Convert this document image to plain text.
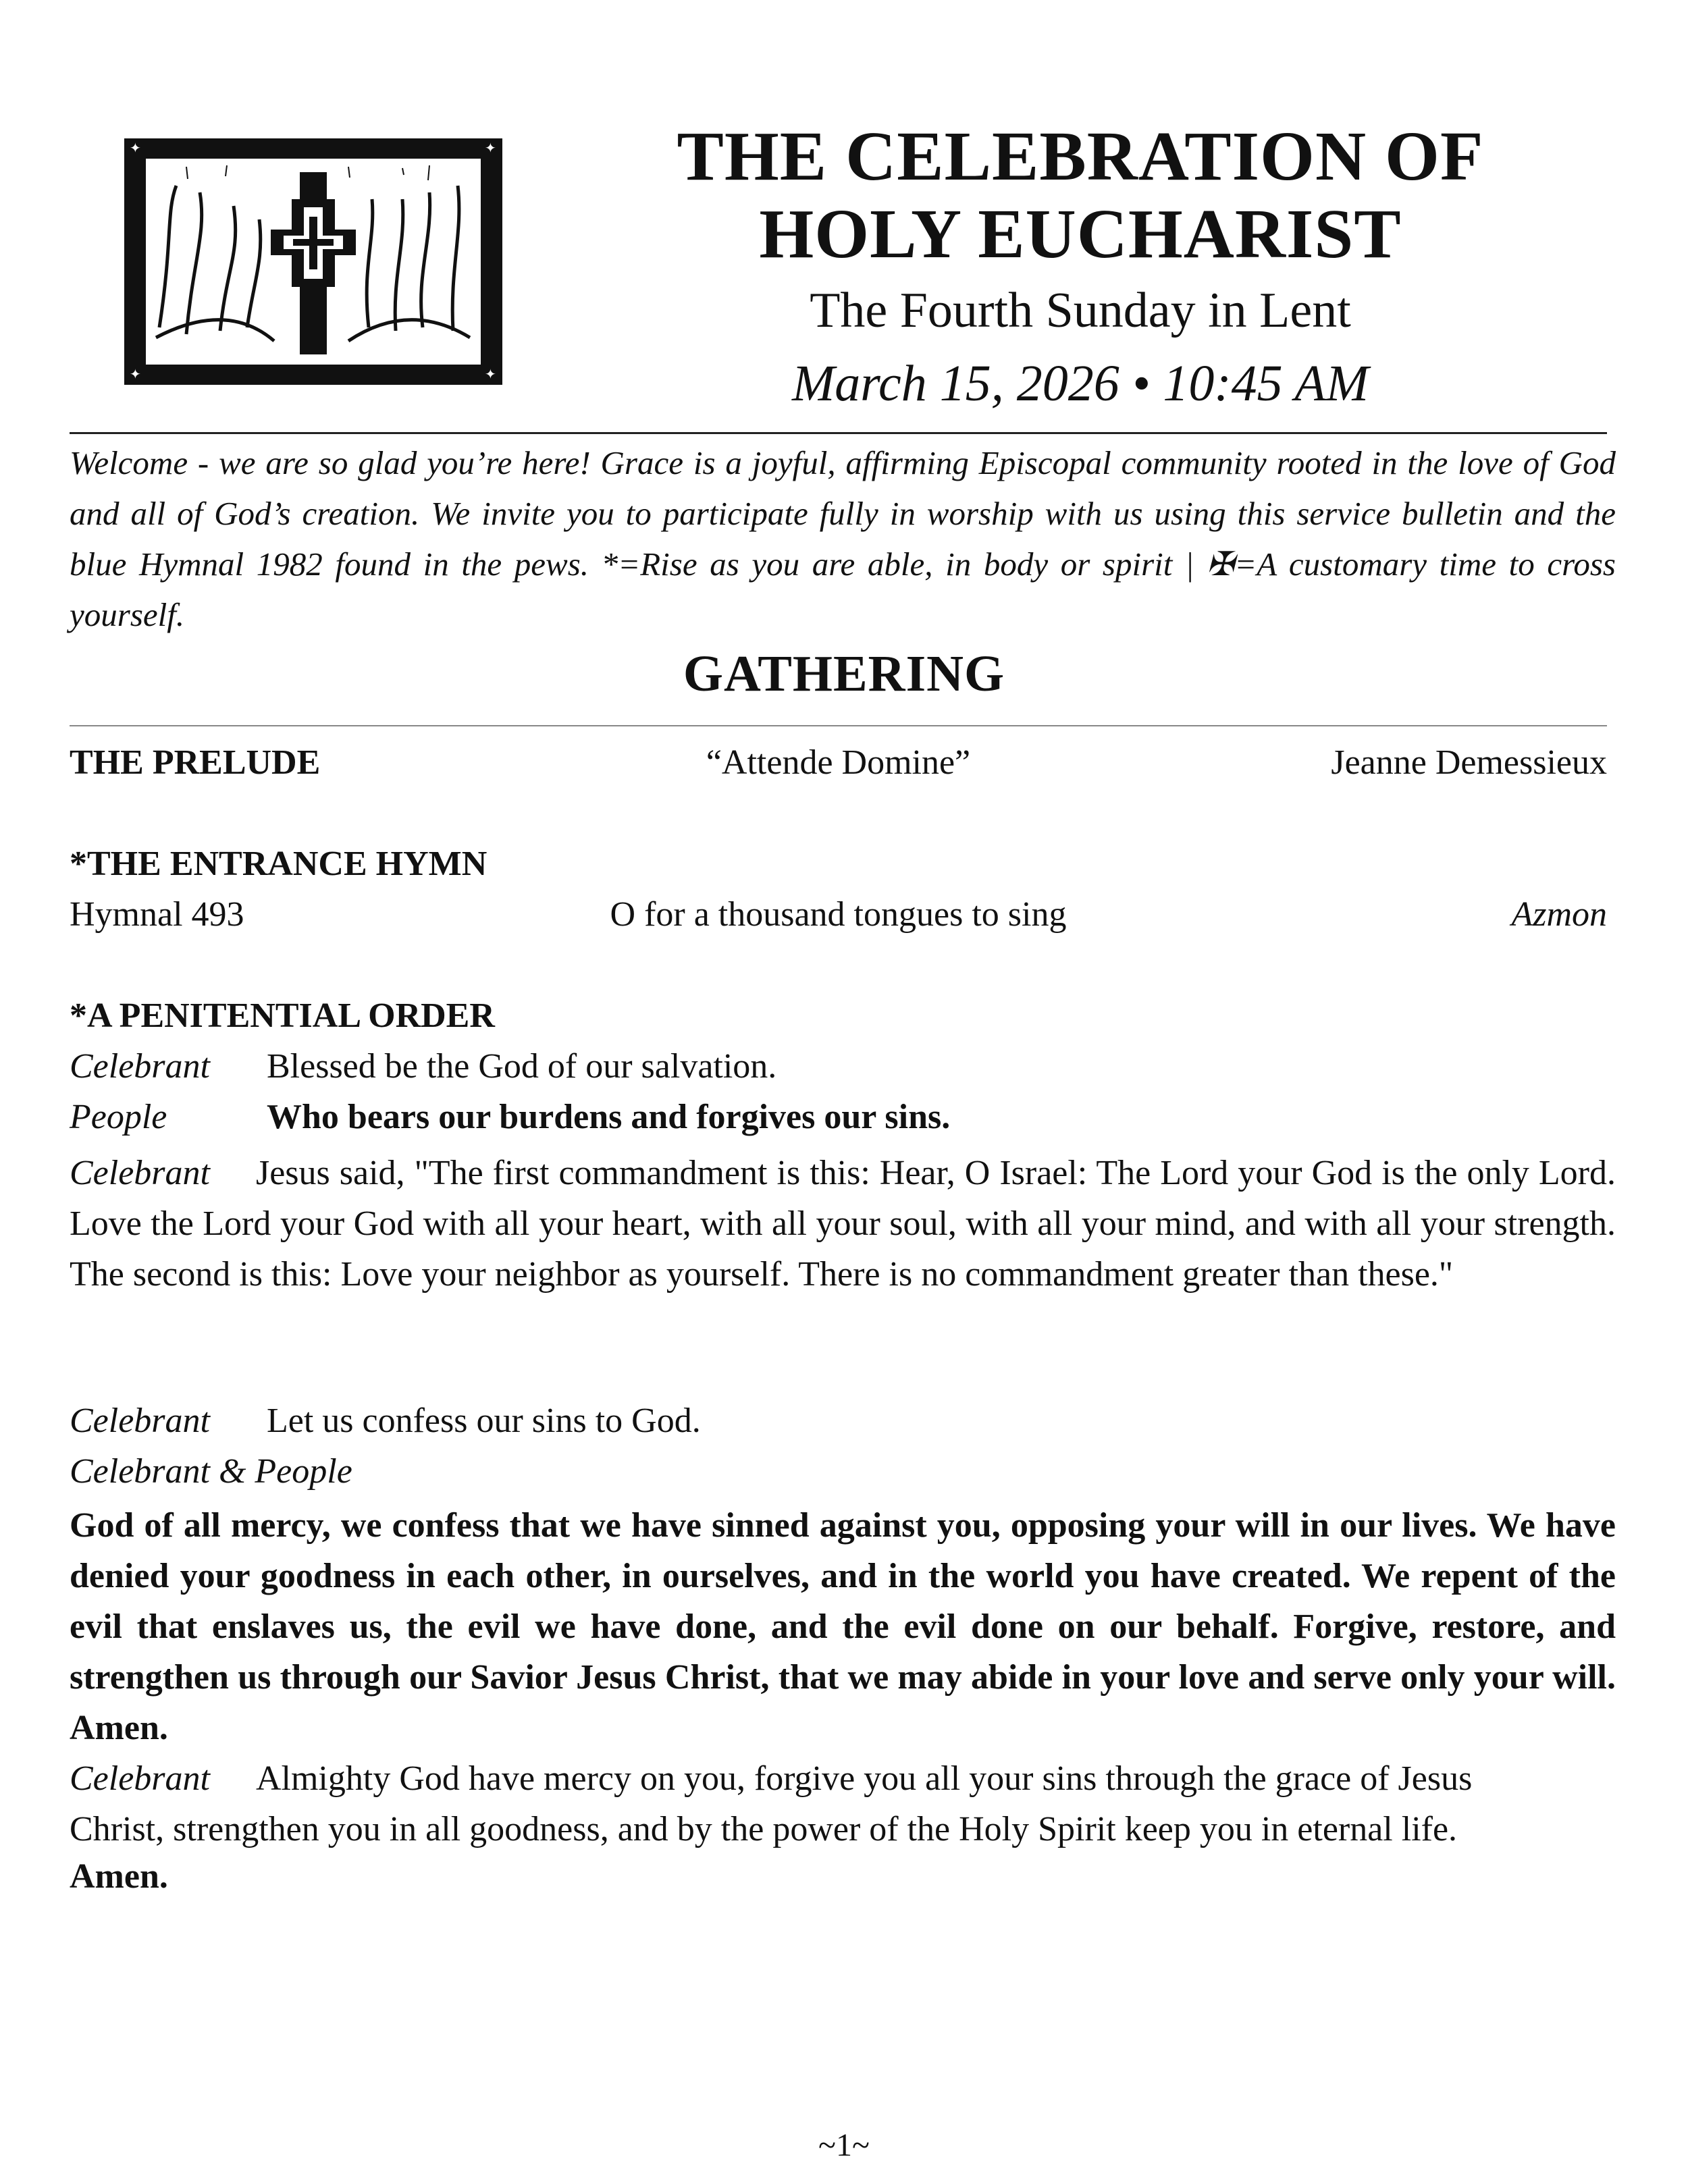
✦	✦
✦	✦
THE CELEBRATION OF
HOLY EUCHARIST
The Fourth Sunday in Lent
March 15, 2026 • 10:45 AM
Welcome - we are so glad you’re here! Grace is a joyful, affirming Episcopal community rooted in the love of God and all of God’s creation. We invite you to participate fully in worship with us using this service bulletin and the blue Hymnal 1982 found in the pews. *=Rise as you are able, in body or spirit | ✠=A customary time to cross yourself.
GATHERING
THE PRELUDE	“Attende Domine”	Jeanne Demessieux
*THE ENTRANCE HYMN
Hymnal 493	O for a thousand tongues to sing	Azmon
*A PENITENTIAL ORDER
Celebrant Blessed be the God of our salvation.
People	Who bears our burdens and forgives our sins.
Celebrant Jesus said, "The first commandment is this: Hear, O Israel: The Lord your God is the only Lord. Love the Lord your God with all your heart, with all your soul, with all your mind, and with all your strength. The second is this: Love your neighbor as yourself. There is no commandment greater than these."
Celebrant Let us confess our sins to God.
Celebrant & People
God of all mercy, we confess that we have sinned against you, opposing your will in our lives. We have denied your goodness in each other, in ourselves, and in the world you have created. We repent of the evil that enslaves us, the evil we have done, and the evil done on our behalf. Forgive, restore, and strengthen us through our Savior Jesus Christ, that we may abide in your love and serve only your will. Amen.
Celebrant Almighty God have mercy on you, forgive you all your sins through the grace of Jesus Christ, strengthen you in all goodness, and by the power of the Holy Spirit keep you in eternal life.
Amen.
~1~
